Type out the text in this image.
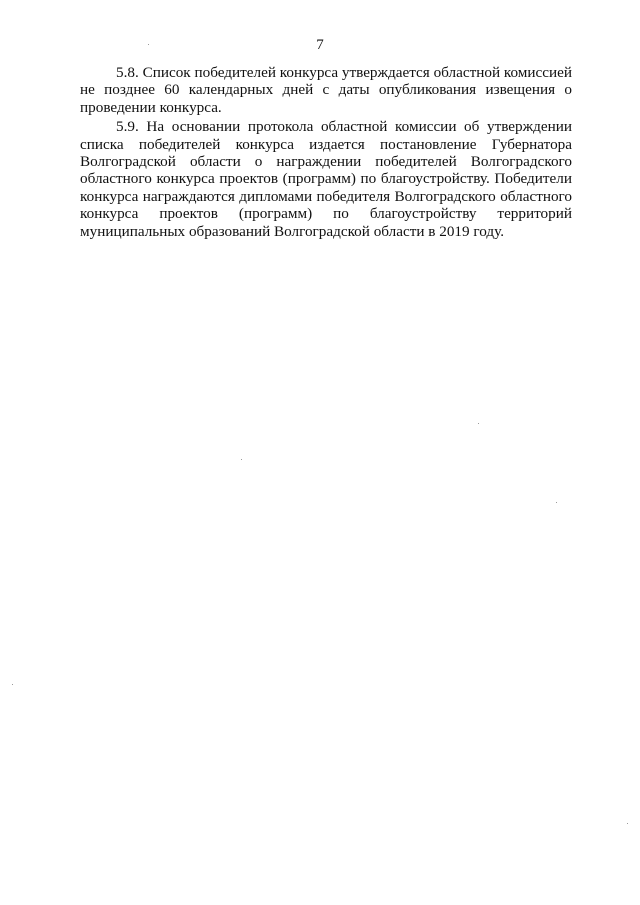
7

5.8. Список победителей конкурса утверждается областной комиссией не позднее 60 календарных дней с даты опубликования извещения о проведении конкурса.

5.9. На основании протокола областной комиссии об утверждении списка победителей конкурса издается постановление Губернатора Волгоградской области о награждении победителей Волгоградского областного конкурса проектов (программ) по благоустройству. Победители конкурса награждаются дипломами победителя Волгоградского областного конкурса проектов (программ) по благоустройству территорий муниципальных образований Волгоградской области в 2019 году.
